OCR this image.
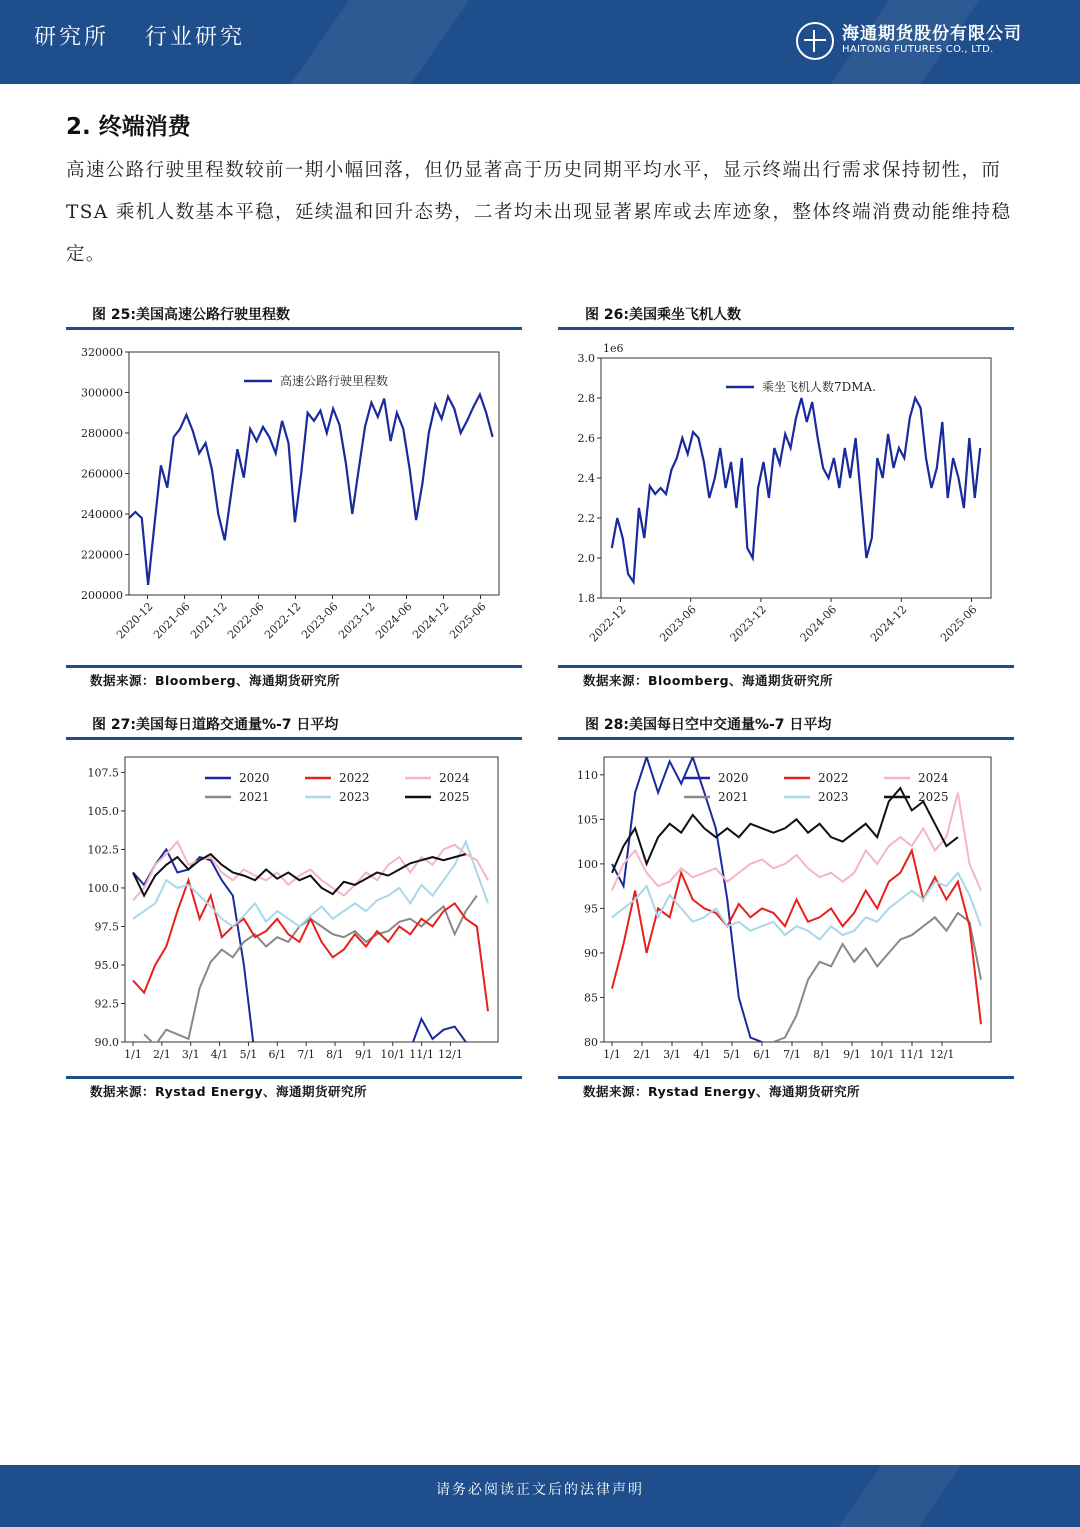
研究所 行业研究	海通期货股份有限公司
HAITONG FUTURES CO., LTD.
2. 终端消费
高速公路行驶里程数较前一期小幅回落，但仍显著高于历史同期平均水平，显示终端出行需求保持韧性，而 TSA 乘机人数基本平稳，延续温和回升态势，二者均未出现显著累库或去库迹象，整体终端消费动能维持稳定。
图 25:美国高速公路行驶里程数
200000
220000
240000
260000
280000
300000
320000
2020-12
2021-06
2021-12
2022-06
2022-12
2023-06
2023-12
2024-06
2024-12
2025-06
高速公路行驶里程数
数据来源：Bloomberg、海通期货研究所
图 26:美国乘坐飞机人数
1.8
2.0
2.2
2.4
2.6
2.8
3.0
1e6
2022-12	2023-06	2023-12	2024-06	2024-12	2025-06
乘坐飞机人数7DMA.
数据来源：Bloomberg、海通期货研究所
图 27:美国每日道路交通量%-7 日平均
90.0
92.5
95.0
97.5
100.0
102.5
105.0
107.5
1/1 2/1 3/1 4/1 5/1 6/1 7/1 8/1 9/1 10/1 11/1 12/1
2020
2021
2022
2023
2024
2025
数据来源：Rystad Energy、海通期货研究所
图 28:美国每日空中交通量%-7 日平均
80
85
90
95
100
105
110
1/1 2/1 3/1 4/1 5/1 6/1 7/1 8/1 9/1 10/1 11/1 12/1
2020
2021
2022
2023
2024
2025
数据来源：Rystad Energy、海通期货研究所
请务必阅读正文后的法律声明
